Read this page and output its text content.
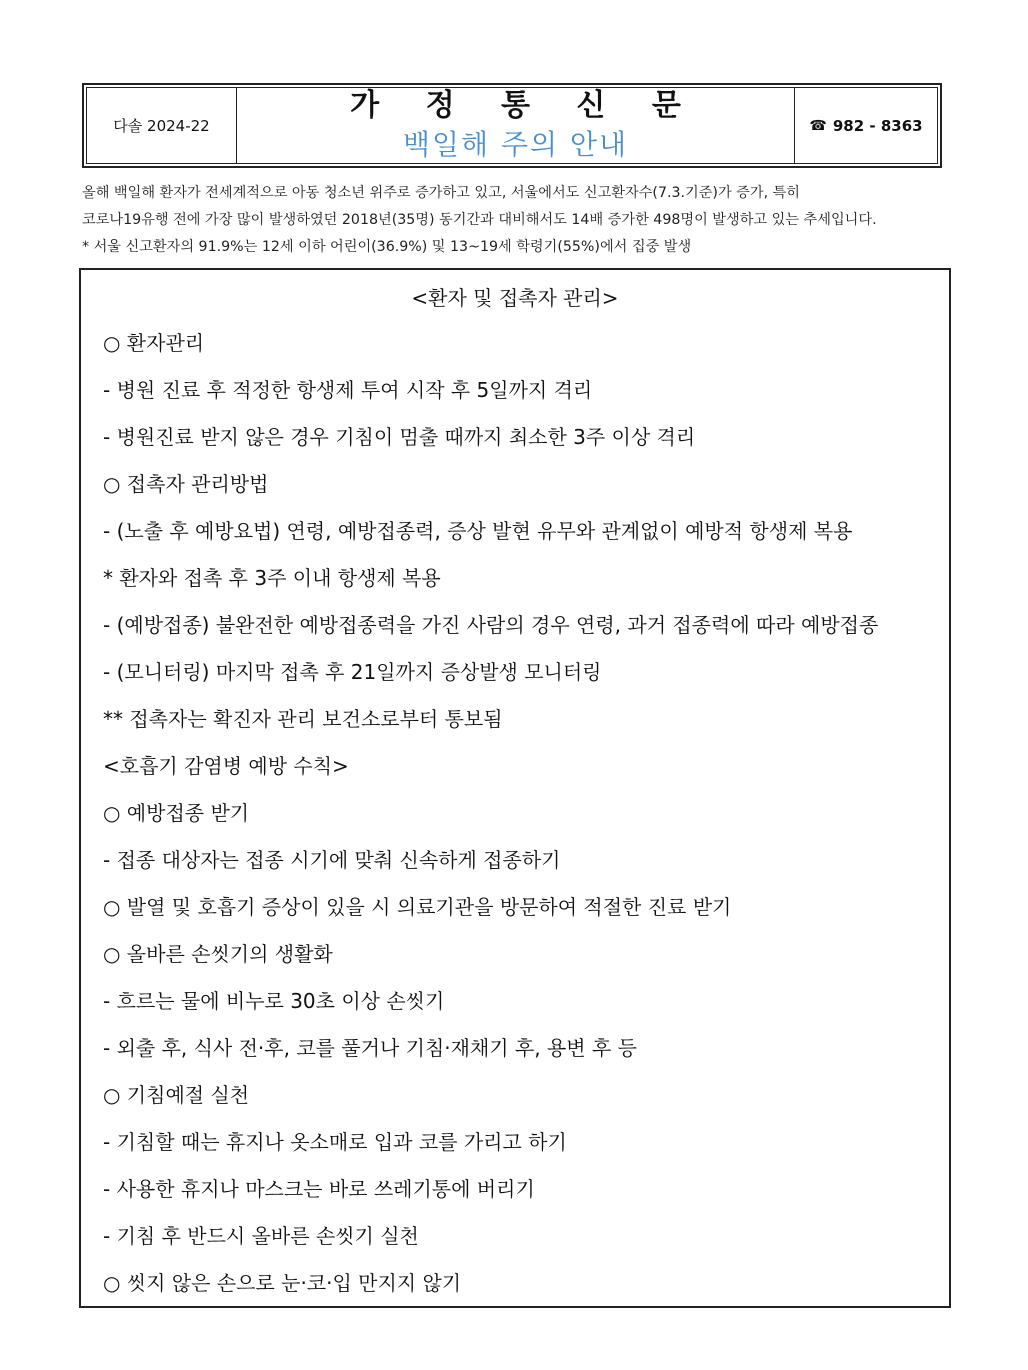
다솔 2024-22
가 정 통 신 문
백일해 주의 안내
☎ 982 - 8363

올해 백일해 환자가 전세계적으로 아동 청소년 위주로 증가하고 있고, 서울에서도 신고환자수(7.3.기준)가 증가, 특히

코로나19유행 전에 가장 많이 발생하였던 2018년(35명) 동기간과 대비해서도 14배 증가한 498명이 발생하고 있는 추세입니다.

* 서울 신고환자의 91.9%는 12세 이하 어린이(36.9%) 및 13~19세 학령기(55%)에서 집중 발생

<환자 및 접촉자 관리>
○ 환자관리
- 병원 진료 후 적정한 항생제 투여 시작 후 5일까지 격리
- 병원진료 받지 않은 경우 기침이 멈출 때까지 최소한 3주 이상 격리
○ 접촉자 관리방법
- (노출 후 예방요법) 연령, 예방접종력, 증상 발현 유무와 관계없이 예방적 항생제 복용
* 환자와 접촉 후 3주 이내 항생제 복용
- (예방접종) 불완전한 예방접종력을 가진 사람의 경우 연령, 과거 접종력에 따라 예방접종
- (모니터링) 마지막 접촉 후 21일까지 증상발생 모니터링
** 접촉자는 확진자 관리 보건소로부터 통보됨
<호흡기 감염병 예방 수칙>
○ 예방접종 받기
- 접종 대상자는 접종 시기에 맞춰 신속하게 접종하기
○ 발열 및 호흡기 증상이 있을 시 의료기관을 방문하여 적절한 진료 받기
○ 올바른 손씻기의 생활화
- 흐르는 물에 비누로 30초 이상 손씻기
- 외출 후, 식사 전·후, 코를 풀거나 기침·재채기 후, 용변 후 등
○ 기침예절 실천
- 기침할 때는 휴지나 옷소매로 입과 코를 가리고 하기
- 사용한 휴지나 마스크는 바로 쓰레기통에 버리기
- 기침 후 반드시 올바른 손씻기 실천
○ 씻지 않은 손으로 눈·코·입 만지지 않기
